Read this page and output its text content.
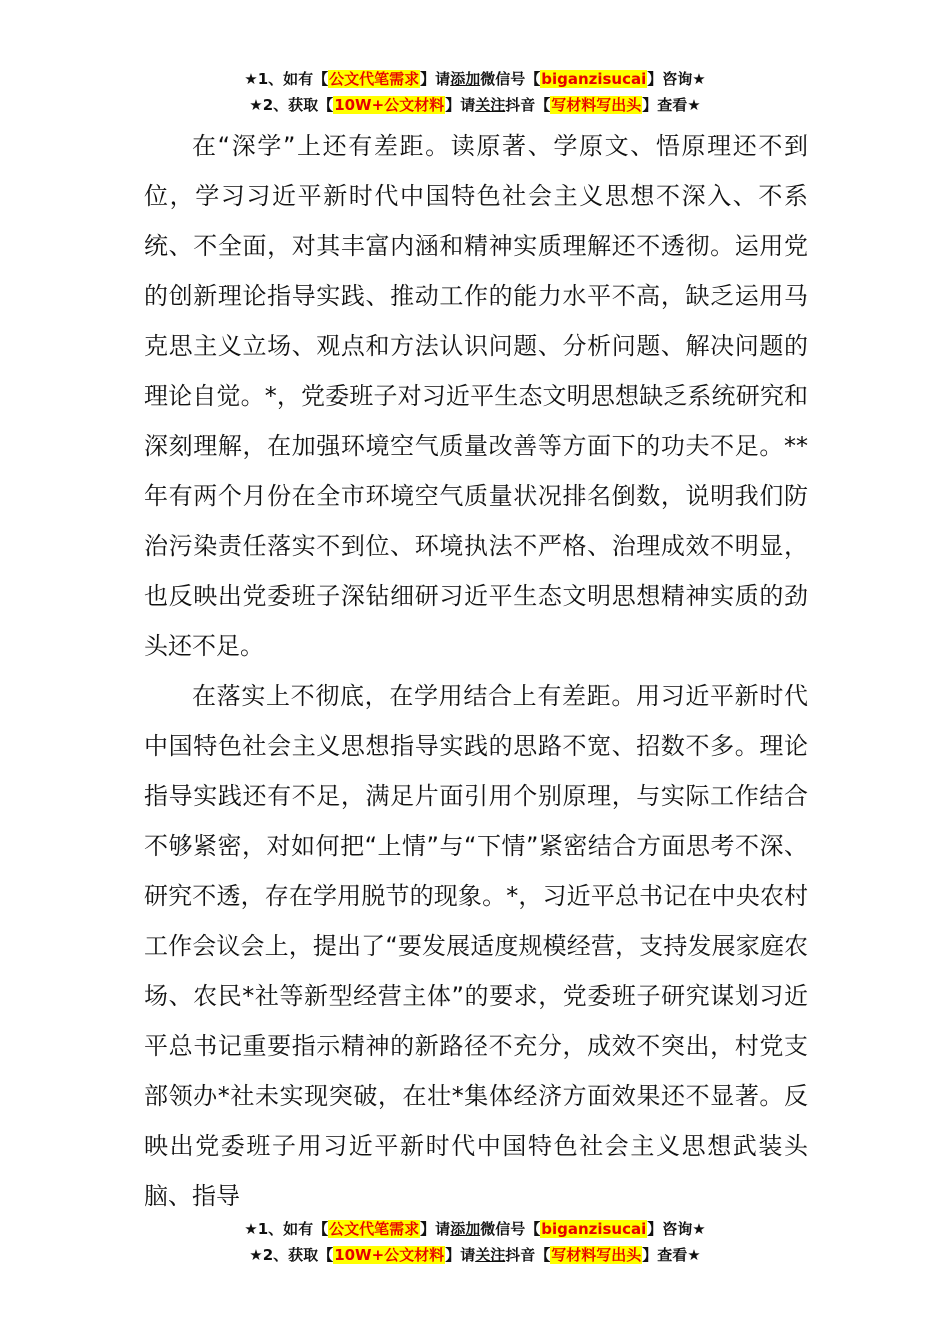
★1、如有【公文代笔需求】请添加微信号【biganzisucai】咨询★
★2、获取【10W+公文材料】请关注抖音【写材料写出头】查看★

在“深学”上还有差距。读原著、学原文、悟原理还不到位，学习习近平新时代中国特色社会主义思想不深入、不系统、不全面，对其丰富内涵和精神实质理解还不透彻。运用党的创新理论指导实践、推动工作的能力水平不高，缺乏运用马克思主义立场、观点和方法认识问题、分析问题、解决问题的理论自觉。*，党委班子对习近平生态文明思想缺乏系统研究和深刻理解，在加强环境空气质量改善等方面下的功夫不足。**年有两个月份在全市环境空气质量状况排名倒数，说明我们防治污染责任落实不到位、环境执法不严格、治理成效不明显，也反映出党委班子深钻细研习近平生态文明思想精神实质的劲头还不足。

在落实上不彻底，在学用结合上有差距。用习近平新时代中国特色社会主义思想指导实践的思路不宽、招数不多。理论指导实践还有不足，满足片面引用个别原理，与实际工作结合不够紧密，对如何把“上情”与“下情”紧密结合方面思考不深、研究不透，存在学用脱节的现象。*，习近平总书记在中央农村工作会议会上，提出了“要发展适度规模经营，支持发展家庭农场、农民*社等新型经营主体”的要求，党委班子研究谋划习近平总书记重要指示精神的新路径不充分，成效不突出，村党支部领办*社未实现突破，在壮*集体经济方面效果还不显著。反映出党委班子用习近平新时代中国特色社会主义思想武装头脑、指导

★1、如有【公文代笔需求】请添加微信号【biganzisucai】咨询★
★2、获取【10W+公文材料】请关注抖音【写材料写出头】查看★
